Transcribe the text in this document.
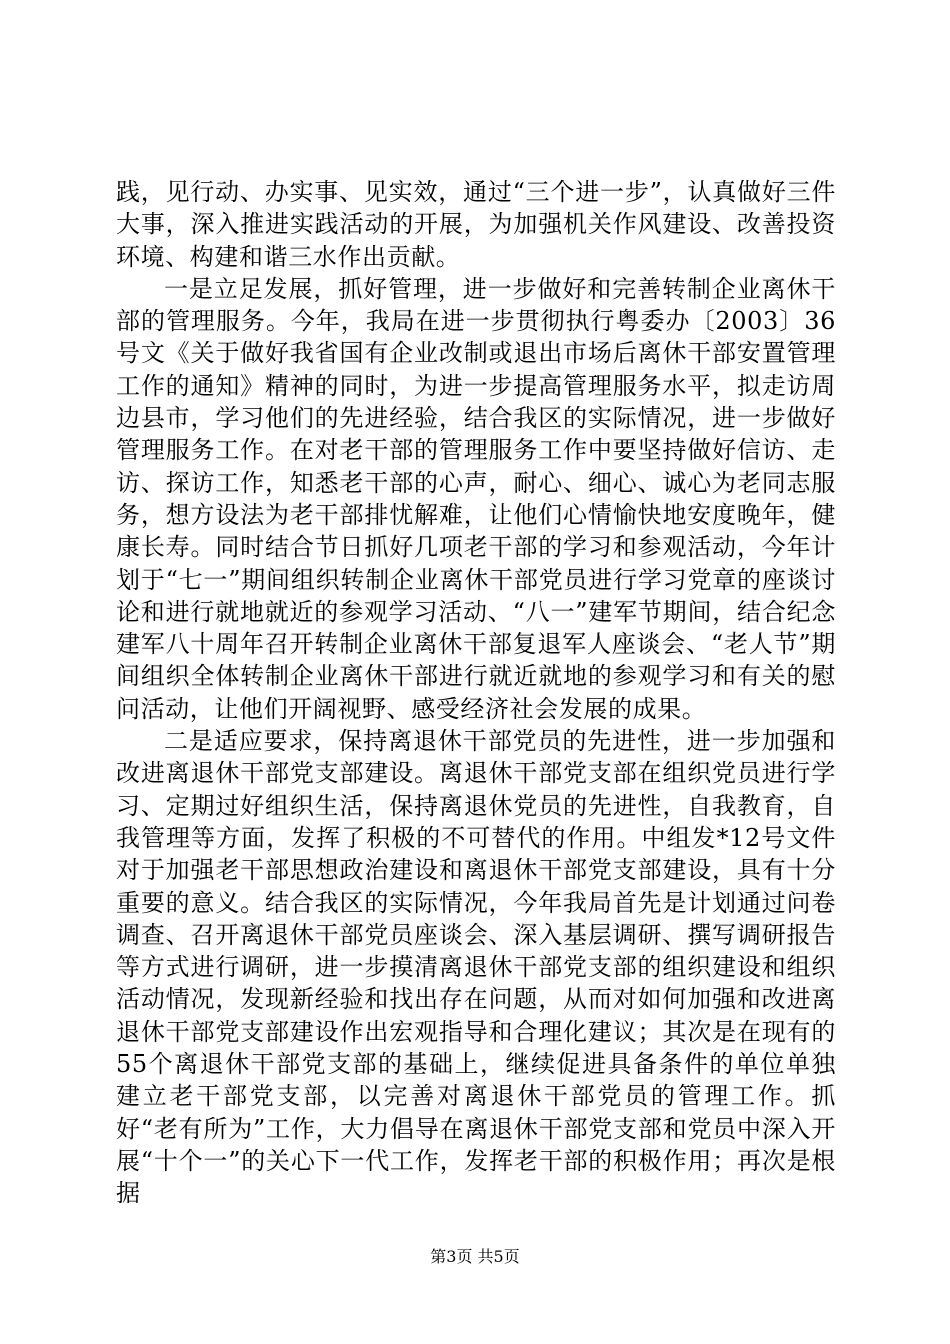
践，见行动、办实事、见实效，通过“三个进一步”，认真做好三件大事，深入推进实践活动的开展，为加强机关作风建设、改善投资环境、构建和谐三水作出贡献。

一是立足发展，抓好管理，进一步做好和完善转制企业离休干部的管理服务。今年，我局在进一步贯彻执行粤委办〔2003〕36号文《关于做好我省国有企业改制或退出市场后离休干部安置管理工作的通知》精神的同时，为进一步提高管理服务水平，拟走访周边县市，学习他们的先进经验，结合我区的实际情况，进一步做好管理服务工作。在对老干部的管理服务工作中要坚持做好信访、走访、探访工作，知悉老干部的心声，耐心、细心、诚心为老同志服务，想方设法为老干部排忧解难，让他们心情愉快地安度晚年，健康长寿。同时结合节日抓好几项老干部的学习和参观活动，今年计划于“七一”期间组织转制企业离休干部党员进行学习党章的座谈讨论和进行就地就近的参观学习活动、“八一”建军节期间，结合纪念建军八十周年召开转制企业离休干部复退军人座谈会、“老人节”期间组织全体转制企业离休干部进行就近就地的参观学习和有关的慰问活动，让他们开阔视野、感受经济社会发展的成果。

二是适应要求，保持离退休干部党员的先进性，进一步加强和改进离退休干部党支部建设。离退休干部党支部在组织党员进行学习、定期过好组织生活，保持离退休党员的先进性，自我教育，自我管理等方面，发挥了积极的不可替代的作用。中组发*12号文件对于加强老干部思想政治建设和离退休干部党支部建设，具有十分重要的意义。结合我区的实际情况，今年我局首先是计划通过问卷调查、召开离退休干部党员座谈会、深入基层调研、撰写调研报告等方式进行调研，进一步摸清离退休干部党支部的组织建设和组织活动情况，发现新经验和找出存在问题，从而对如何加强和改进离退休干部党支部建设作出宏观指导和合理化建议；其次是在现有的55个离退休干部党支部的基础上，继续促进具备条件的单位单独建立老干部党支部，以完善对离退休干部党员的管理工作。抓好“老有所为”工作，大力倡导在离退休干部党支部和党员中深入开展“十个一”的关心下一代工作，发挥老干部的积极作用；再次是根据

第3页 共5页
